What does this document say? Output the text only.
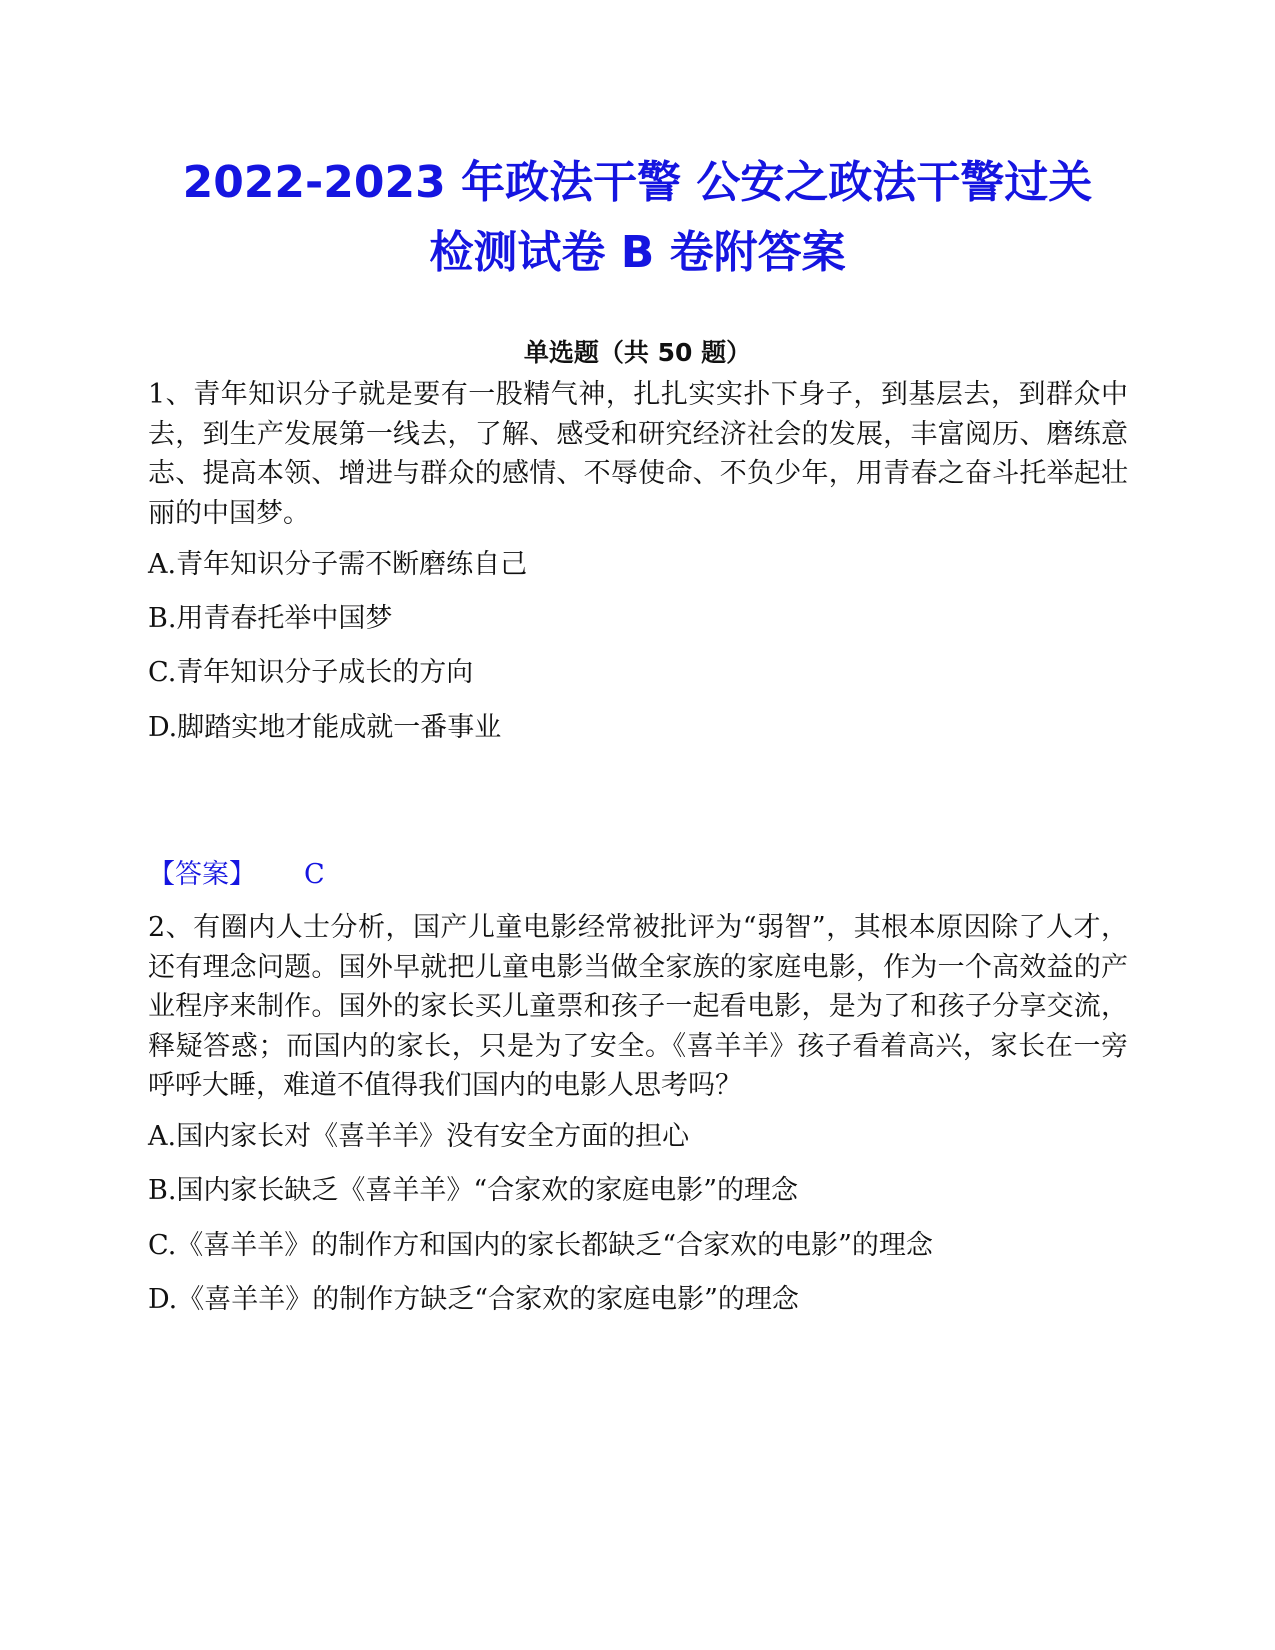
2022-2023 年政法干警 公安之政法干警过关
检测试卷 B 卷附答案
单选题（共 50 题）

1、青年知识分子就是要有一股精气神，扎扎实实扑下身子，到基层去，到群众中去，到生产发展第一线去，了解、感受和研究经济社会的发展，丰富阅历、磨练意志、提高本领、增进与群众的感情、不辱使命、不负少年，用青春之奋斗托举起壮丽的中国梦。

A.青年知识分子需不断磨练自己
B.用青春托举中国梦
C.青年知识分子成长的方向
D.脚踏实地才能成就一番事业
【答案】 C

2、有圈内人士分析，国产儿童电影经常被批评为“弱智”，其根本原因除了人才，还有理念问题。国外早就把儿童电影当做全家族的家庭电影，作为一个高效益的产业程序来制作。国外的家长买儿童票和孩子一起看电影，是为了和孩子分享交流，释疑答惑；而国内的家长，只是为了安全。《喜羊羊》孩子看着高兴，家长在一旁呼呼大睡，难道不值得我们国内的电影人思考吗？

A.国内家长对《喜羊羊》没有安全方面的担心
B.国内家长缺乏《喜羊羊》“合家欢的家庭电影”的理念
C.《喜羊羊》的制作方和国内的家长都缺乏“合家欢的电影”的理念
D.《喜羊羊》的制作方缺乏“合家欢的家庭电影”的理念
